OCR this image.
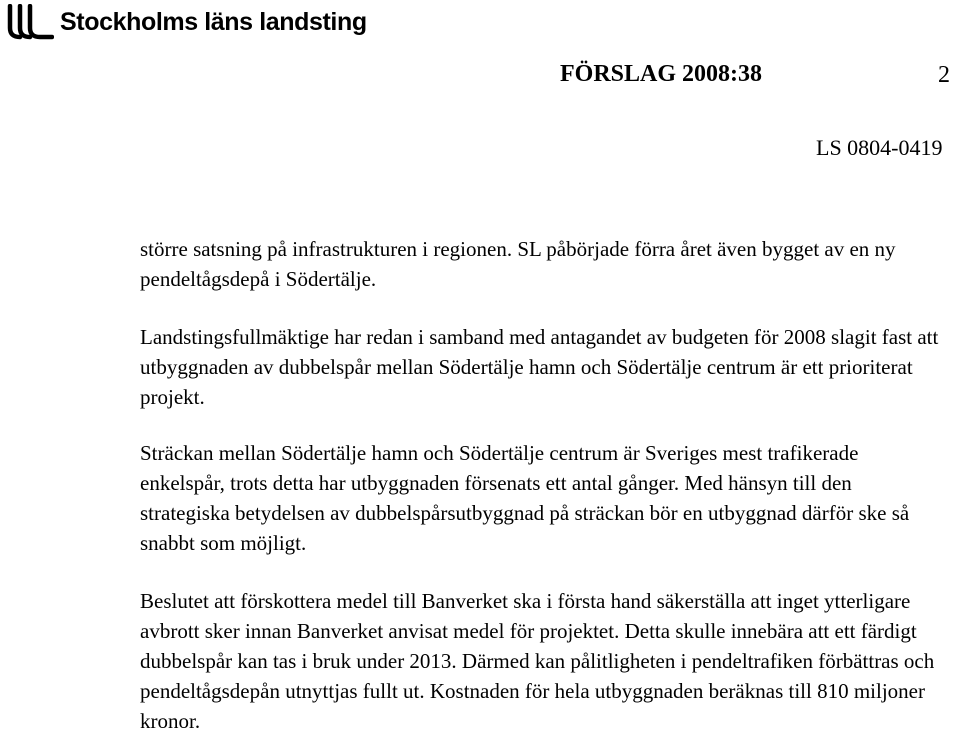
Stockholms läns landsting
FÖRSLAG 2008:38	2
LS 0804-0419

större satsning på infrastrukturen i regionen. SL påbörjade förra året även bygget av en ny pendeltågsdepå i Södertälje.

Landstingsfullmäktige har redan i samband med antagandet av budgeten för 2008 slagit fast att utbyggnaden av dubbelspår mellan Södertälje hamn och Södertälje centrum är ett prioriterat projekt.

Sträckan mellan Södertälje hamn och Södertälje centrum är Sveriges mest trafikerade enkelspår, trots detta har utbyggnaden försenats ett antal gånger. Med hänsyn till den strategiska betydelsen av dubbelspårsutbyggnad på sträckan bör en utbyggnad därför ske så snabbt som möjligt.

Beslutet att förskottera medel till Banverket ska i första hand säkerställa att inget ytterligare avbrott sker innan Banverket anvisat medel för projektet. Detta skulle innebära att ett färdigt dubbelspår kan tas i bruk under 2013. Därmed kan pålitligheten i pendeltrafiken förbättras och pendeltågsdepån utnyttjas fullt ut. Kostnaden för hela utbyggnaden beräknas till 810 miljoner kronor.
